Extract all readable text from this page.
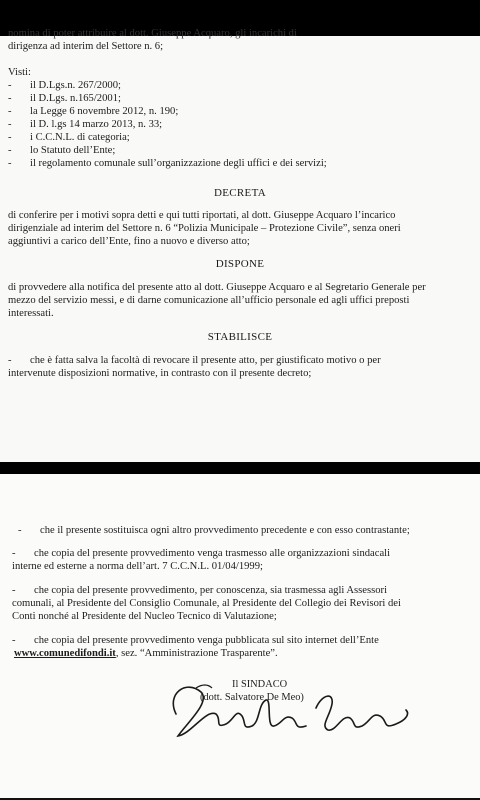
nomina di poter attribuire al dott. Giuseppe Acquaro, gli incarichi di
dirigenza ad interim del Settore n. 6;
Visti:
- il D.Lgs.n. 267/2000;
- il D.Lgs. n.165/2001;
- la Legge 6 novembre 2012, n. 190;
- il D. l.gs 14 marzo 2013, n. 33;
- i C.C.N.L. di categoria;
- lo Statuto dell’Ente;
- il regolamento comunale sull’organizzazione degli uffici e dei servizi;
DECRETA
di conferire per i motivi sopra detti e qui tutti riportati, al dott. Giuseppe Acquaro l’incarico
dirigenziale ad interim del Settore n. 6 “Polizia Municipale – Protezione Civile”, senza oneri
aggiuntivi a carico dell’Ente, fino a nuovo e diverso atto;
DISPONE
di provvedere alla notifica del presente atto al dott. Giuseppe Acquaro e al Segretario Generale per
mezzo del servizio messi, e di darne comunicazione all’ufficio personale ed agli uffici preposti
interessati.
STABILISCE
- che è fatta salva la facoltà di revocare il presente atto, per giustificato motivo o per
intervenute disposizioni normative, in contrasto con il presente decreto;
- che il presente sostituisca ogni altro provvedimento precedente e con esso contrastante;
- che copia del presente provvedimento venga trasmesso alle organizzazioni sindacali
interne ed esterne a norma dell’art. 7 C.C.N.L. 01/04/1999;
- che copia del presente provvedimento, per conoscenza, sia trasmessa agli Assessori
comunali, al Presidente del Consiglio Comunale, al Presidente del Collegio dei Revisori dei
Conti nonché al Presidente del Nucleo Tecnico di Valutazione;
- che copia del presente provvedimento venga pubblicata sul sito internet dell’Ente
www.comunedifondi.it, sez. “Amministrazione Trasparente”.
Il SINDACO
(dott. Salvatore De Meo)
